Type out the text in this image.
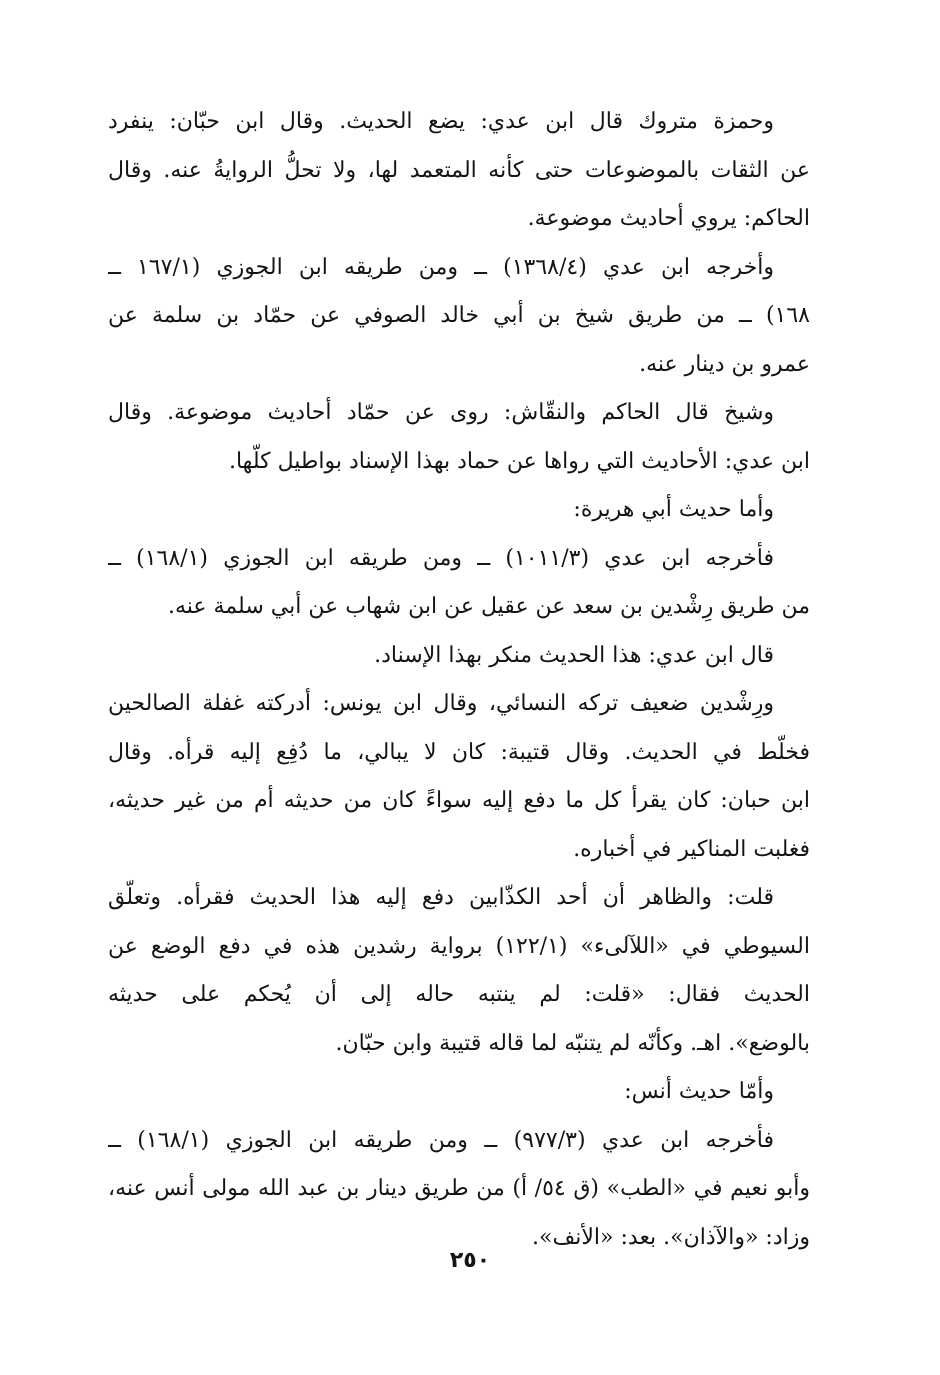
وحمزة متروك قال ابن عدي: يضع الحديث. وقال ابن حبّان: ينفرد
عن الثقات بالموضوعات حتى كأنه المتعمد لها، ولا تحلُّ الروايةُ عنه. وقال
الحاكم: يروي أحاديث موضوعة.
وأخرجه ابن عدي (١٣٦٨/٤) ــ ومن طريقه ابن الجوزي (١٦٧/١ ــ
١٦٨) ــ من طريق شيخ بن أبي خالد الصوفي عن حمّاد بن سلمة عن
عمرو بن دينار عنه.
وشيخ قال الحاكم والنقّاش: روى عن حمّاد أحاديث موضوعة. وقال
ابن عدي: الأحاديث التي رواها عن حماد بهذا الإسناد بواطيل كلّها.
وأما حديث أبي هريرة:
فأخرجه ابن عدي (١٠١١/٣) ــ ومن طريقه ابن الجوزي (١٦٨/١) ــ
من طريق رِشْدين بن سعد عن عقيل عن ابن شهاب عن أبي سلمة عنه.
قال ابن عدي: هذا الحديث منكر بهذا الإسناد.
ورِشْدين ضعيف تركه النسائي، وقال ابن يونس: أدركته غفلة الصالحين
فخلّط في الحديث. وقال قتيبة: كان لا يبالي، ما دُفِع إليه قرأه. وقال
ابن حبان: كان يقرأ كل ما دفع إليه سواءً كان من حديثه أم من غير حديثه،
فغلبت المناكير في أخباره.
قلت: والظاهر أن أحد الكذّابين دفع إليه هذا الحديث فقرأه. وتعلّق
السيوطي في «اللآلىء» (١٢٢/١) برواية رشدين هذه في دفع الوضع عن
الحديث فقال: «قلت: لم ينتبه حاله إلى أن يُحكم على حديثه
بالوضع». اهـ. وكأنّه لم يتنبّه لما قاله قتيبة وابن حبّان.
وأمّا حديث أنس:
فأخرجه ابن عدي (٩٧٧/٣) ــ ومن طريقه ابن الجوزي (١٦٨/١) ــ
وأبو نعيم في «الطب» (ق ٥٤/ أ) من طريق دينار بن عبد الله مولى أنس عنه،
وزاد: «والآذان». بعد: «الأنف».
٢٥٠
